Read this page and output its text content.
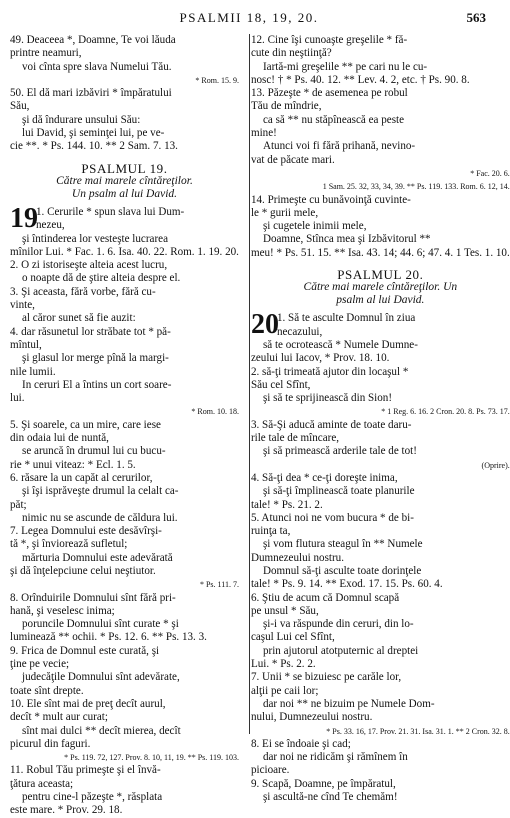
PSALMII 18, 19, 20.	563
49. Deaceea *, Doamne, Te voi lăuda
printre neamuri,
voi cînta spre slava Numelui Tău.
* Rom. 15. 9.
50. El dă mari izbăviri * împăratului
Său,
şi dă îndurare unsului Său:
lui David, şi seminţei lui, pe ve-
cie **. * Ps. 144. 10. ** 2 Sam. 7. 13.
PSALMUL 19.
Către mai marele cîntăreţilor.
Un psalm al lui David.
19
1. Cerurile * spun slava lui Dum-
nezeu,
şi întinderea lor vesteşte lucrarea
mînilor Lui. * Fac. 1. 6. Isa. 40. 22. Rom. 1. 19. 20.
2. O zi istoriseşte alteia acest lucru,
o noapte dă de ştire alteia despre el.
3. Şi aceasta, fără vorbe, fără cu-
vinte,
al căror sunet să fie auzit:
4. dar răsunetul lor străbate tot * pă-
mîntul,
şi glasul lor merge pînă la margi-
nile lumii.
In ceruri El a întins un cort soare-
lui.
* Rom. 10. 18.
5. Şi soarele, ca un mire, care iese
din odaia lui de nuntă,
se aruncă în drumul lui cu bucu-
rie * unui viteaz: * Ecl. 1. 5.
6. răsare la un capăt al cerurilor,
şi îşi isprăveşte drumul la celalt ca-
păt;
nimic nu se ascunde de căldura lui.
7. Legea Domnului este desăvîrşi-
tă *, şi înviorează sufletul;
mărturia Domnului este adevărată
şi dă înţelepciune celui neştiutor.
* Ps. 111. 7.
8. Orînduirile Domnului sînt fără pri-
hană, şi veselesc inima;
poruncile Domnului sînt curate * şi
luminează ** ochii. * Ps. 12. 6. ** Ps. 13. 3.
9. Frica de Domnul este curată, şi
ţine pe vecie;
judecăţile Domnului sînt adevărate,
toate sînt drepte.
10. Ele sînt mai de preţ decît aurul,
decît * mult aur curat;
sînt mai dulci ** decît mierea, decît
picurul din faguri.
* Ps. 119. 72, 127. Prov. 8. 10, 11, 19. ** Ps. 119. 103.
11. Robul Tău primeşte şi el învă-
ţătura aceasta;
pentru cine-l păzeşte *, răsplata
este mare. * Prov. 29. 18.
12. Cine îşi cunoaşte greşelile * fă-
cute din neştiinţă?
Iartă-mi greşelile ** pe cari nu le cu-
nosc! † * Ps. 40. 12. ** Lev. 4. 2, etc. † Ps. 90. 8.
13. Păzeşte * de asemenea pe robul
Tău de mîndrie,
ca să ** nu stăpînească ea peste
mine!
Atunci voi fi fără prihană, nevino-
vat de păcate mari.
* Fac. 20. 6.
1 Sam. 25. 32, 33, 34, 39. ** Ps. 119. 133. Rom. 6. 12, 14.
14. Primeşte cu bunăvoinţă cuvinte-
le * gurii mele,
şi cugetele inimii mele,
Doamne, Stînca mea şi Izbăvitorul **
meu! * Ps. 51. 15. ** Isa. 43. 14; 44. 6; 47. 4. 1 Tes. 1. 10.
PSALMUL 20.
Către mai marele cîntăreţilor. Un
psalm al lui David.
20
1. Să te asculte Domnul în ziua
necazului,
să te ocrotească * Numele Dumne-
zeului lui Iacov, * Prov. 18. 10.
2. să-ţi trimeată ajutor din locaşul *
Său cel Sfînt,
şi să te sprijinească din Sion!
* 1 Reg. 6. 16. 2 Cron. 20. 8. Ps. 73. 17.
3. Să-Şi aducă aminte de toate daru-
rile tale de mîncare,
şi să primească arderile tale de tot!
(Oprire).
4. Să-ţi dea * ce-ţi doreşte inima,
şi să-ţi împlinească toate planurile
tale! * Ps. 21. 2.
5. Atunci noi ne vom bucura * de bi-
ruinţa ta,
şi vom flutura steagul în ** Numele
Dumnezeului nostru.
Domnul să-ţi asculte toate dorinţele
tale! * Ps. 9. 14. ** Exod. 17. 15. Ps. 60. 4.
6. Ştiu de acum că Domnul scapă
pe unsul * Său,
şi-i va răspunde din ceruri, din lo-
caşul Lui cel Sfînt,
prin ajutorul atotputernic al dreptei
Lui. * Ps. 2. 2.
7. Unii * se bizuiesc pe carăle lor,
alţii pe caii lor;
dar noi ** ne bizuim pe Numele Dom-
nului, Dumnezeului nostru.
* Ps. 33. 16, 17. Prov. 21. 31. Isa. 31. 1. ** 2 Cron. 32. 8.
8. Ei se îndoaie şi cad;
dar noi ne ridicăm şi rămînem în
picioare.
9. Scapă, Doamne, pe împăratul,
şi ascultă-ne cînd Te chemăm!
